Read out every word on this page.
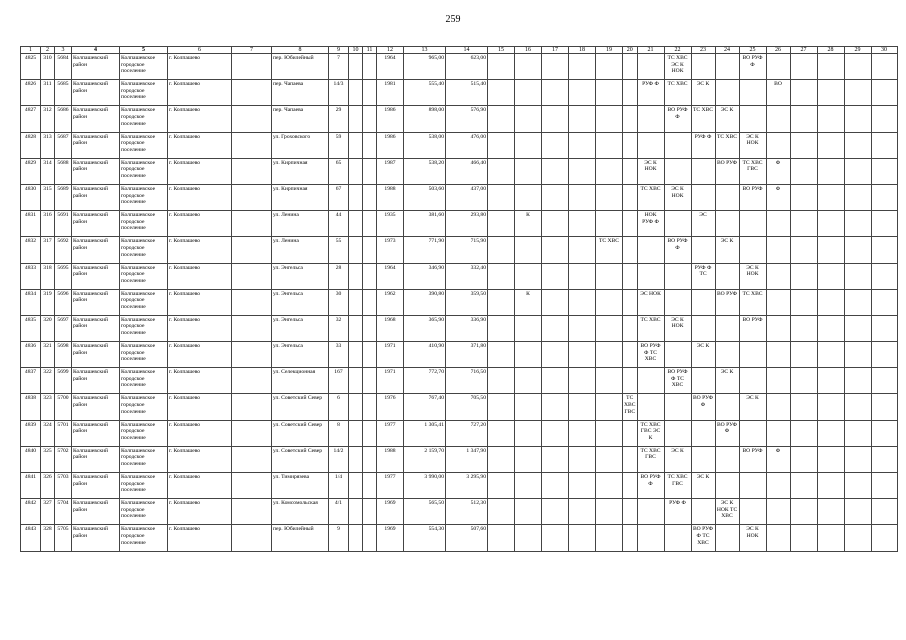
259
1	2	3	4	5	6	7	8	9	10	11	12	13	14	15	16	17	18	19	20	21	22	23	24	25	26	27	28	29	30
4825	310	5684	Колпашевский район	Колпашевское городское поселение	г. Колпашево		пер. Юбилейный	7			1964	965,00	623,00								ТС ХВС ЭС К НОК			ВО РУФ Ф					
4826	311	5685	Колпашевский район	Колпашевское городское поселение	г. Колпашево		пер. Чапаева	14/3			1981	555,40	515,40							РУФ Ф	ТС ХВС	ЭС К			ВО				
4827	312	5686	Колпашевский район	Колпашевское городское поселение	г. Колпашево		пер. Чапаева	29			1986	898,00	576,90								ВО РУФ Ф	ТС ХВС	ЭС К						
4828	313	5687	Колпашевский район	Колпашевское городское поселение	г. Колпашево		ул. Гроховского	59			1986	538,00	476,00									РУФ Ф	ТС ХВС	ЭС К НОК					
4829	314	5688	Колпашевский район	Колпашевское городское поселение	г. Колпашево		ул. Кирпичная	65			1987	538,20	466,40							ЭС К НОК			ВО РУФ	ТС ХВС ГВС	Ф				
4830	315	5689	Колпашевский район	Колпашевское городское поселение	г. Колпашево		ул. Кирпичная	67			1988	503,60	437,00							ТС ХВС	ЭС К НОК			ВО РУФ	Ф				
4831	316	5691	Колпашевский район	Колпашевское городское поселение	г. Колпашево		ул. Ленина	44			1935	381,60	293,80		К					НОК РУФ Ф		ЭС							
4832	317	5692	Колпашевский район	Колпашевское городское поселение	г. Колпашево		ул. Ленина	55			1973	771,90	715,90					ТС ХВС			ВО РУФ Ф		ЭС К						
4833	318	5695	Колпашевский район	Колпашевское городское поселение	г. Колпашево		ул. Энгельса	28			1964	346,90	332,40									РУФ Ф ТС		ЭС К НОК					
4834	319	5696	Колпашевский район	Колпашевское городское поселение	г. Колпашево		ул. Энгельса	30			1962	390,80	359,50		К					ЭС НОК			ВО РУФ	ТС ХВС					
4835	320	5697	Колпашевский район	Колпашевское городское поселение	г. Колпашево		ул. Энгельса	32			1968	365,90	336,90							ТС ХВС	ЭС К НОК			ВО РУФ					
4836	321	5698	Колпашевский район	Колпашевское городское поселение	г. Колпашево		ул. Энгельса	33			1971	410,90	371,80							ВО РУФ Ф ТС ХВС		ЭС К							
4837	322	5699	Колпашевский район	Колпашевское городское поселение	г. Колпашево		ул. Селекционная	167			1971	772,70	716,50								ВО РУФ Ф ТС ХВС		ЭС К						
4838	323	5700	Колпашевский район	Колпашевское городское поселение	г. Колпашево		ул. Советский Север	6			1976	767,40	705,50						ТС ХВС ГВС			ВО РУФ Ф		ЭС К					
4839	324	5701	Колпашевский район	Колпашевское городское поселение	г. Колпашево		ул. Советский Север	8			1977	1 305,41	727,20							ТС ХВС ГВС ЭС К			ВО РУФ Ф						
4840	325	5702	Колпашевский район	Колпашевское городское поселение	г. Колпашево		ул. Советский Север	14/2			1988	2 159,70	1 347,90							ТС ХВС ГВС	ЭС К			ВО РУФ	Ф				
4841	326	5703	Колпашевский район	Колпашевское городское поселение	г. Колпашево		ул. Тимирязева	1/4			1977	3 990,00	3 295,90							ВО РУФ Ф	ТС ХВС ГВС	ЭС К							
4842	327	5704	Колпашевский район	Колпашевское городское поселение	г. Колпашево		ул. Комсомольская	4/1			1969	565,50	512,30								РУФ Ф		ЭС К НОК ТС ХВС						
4843	328	5705	Колпашевский район	Колпашевское городское поселение	г. Колпашево		пер. Юбилейный	9			1969	554,30	507,60									ВО РУФ Ф ТС ХВС		ЭС К НОК					
